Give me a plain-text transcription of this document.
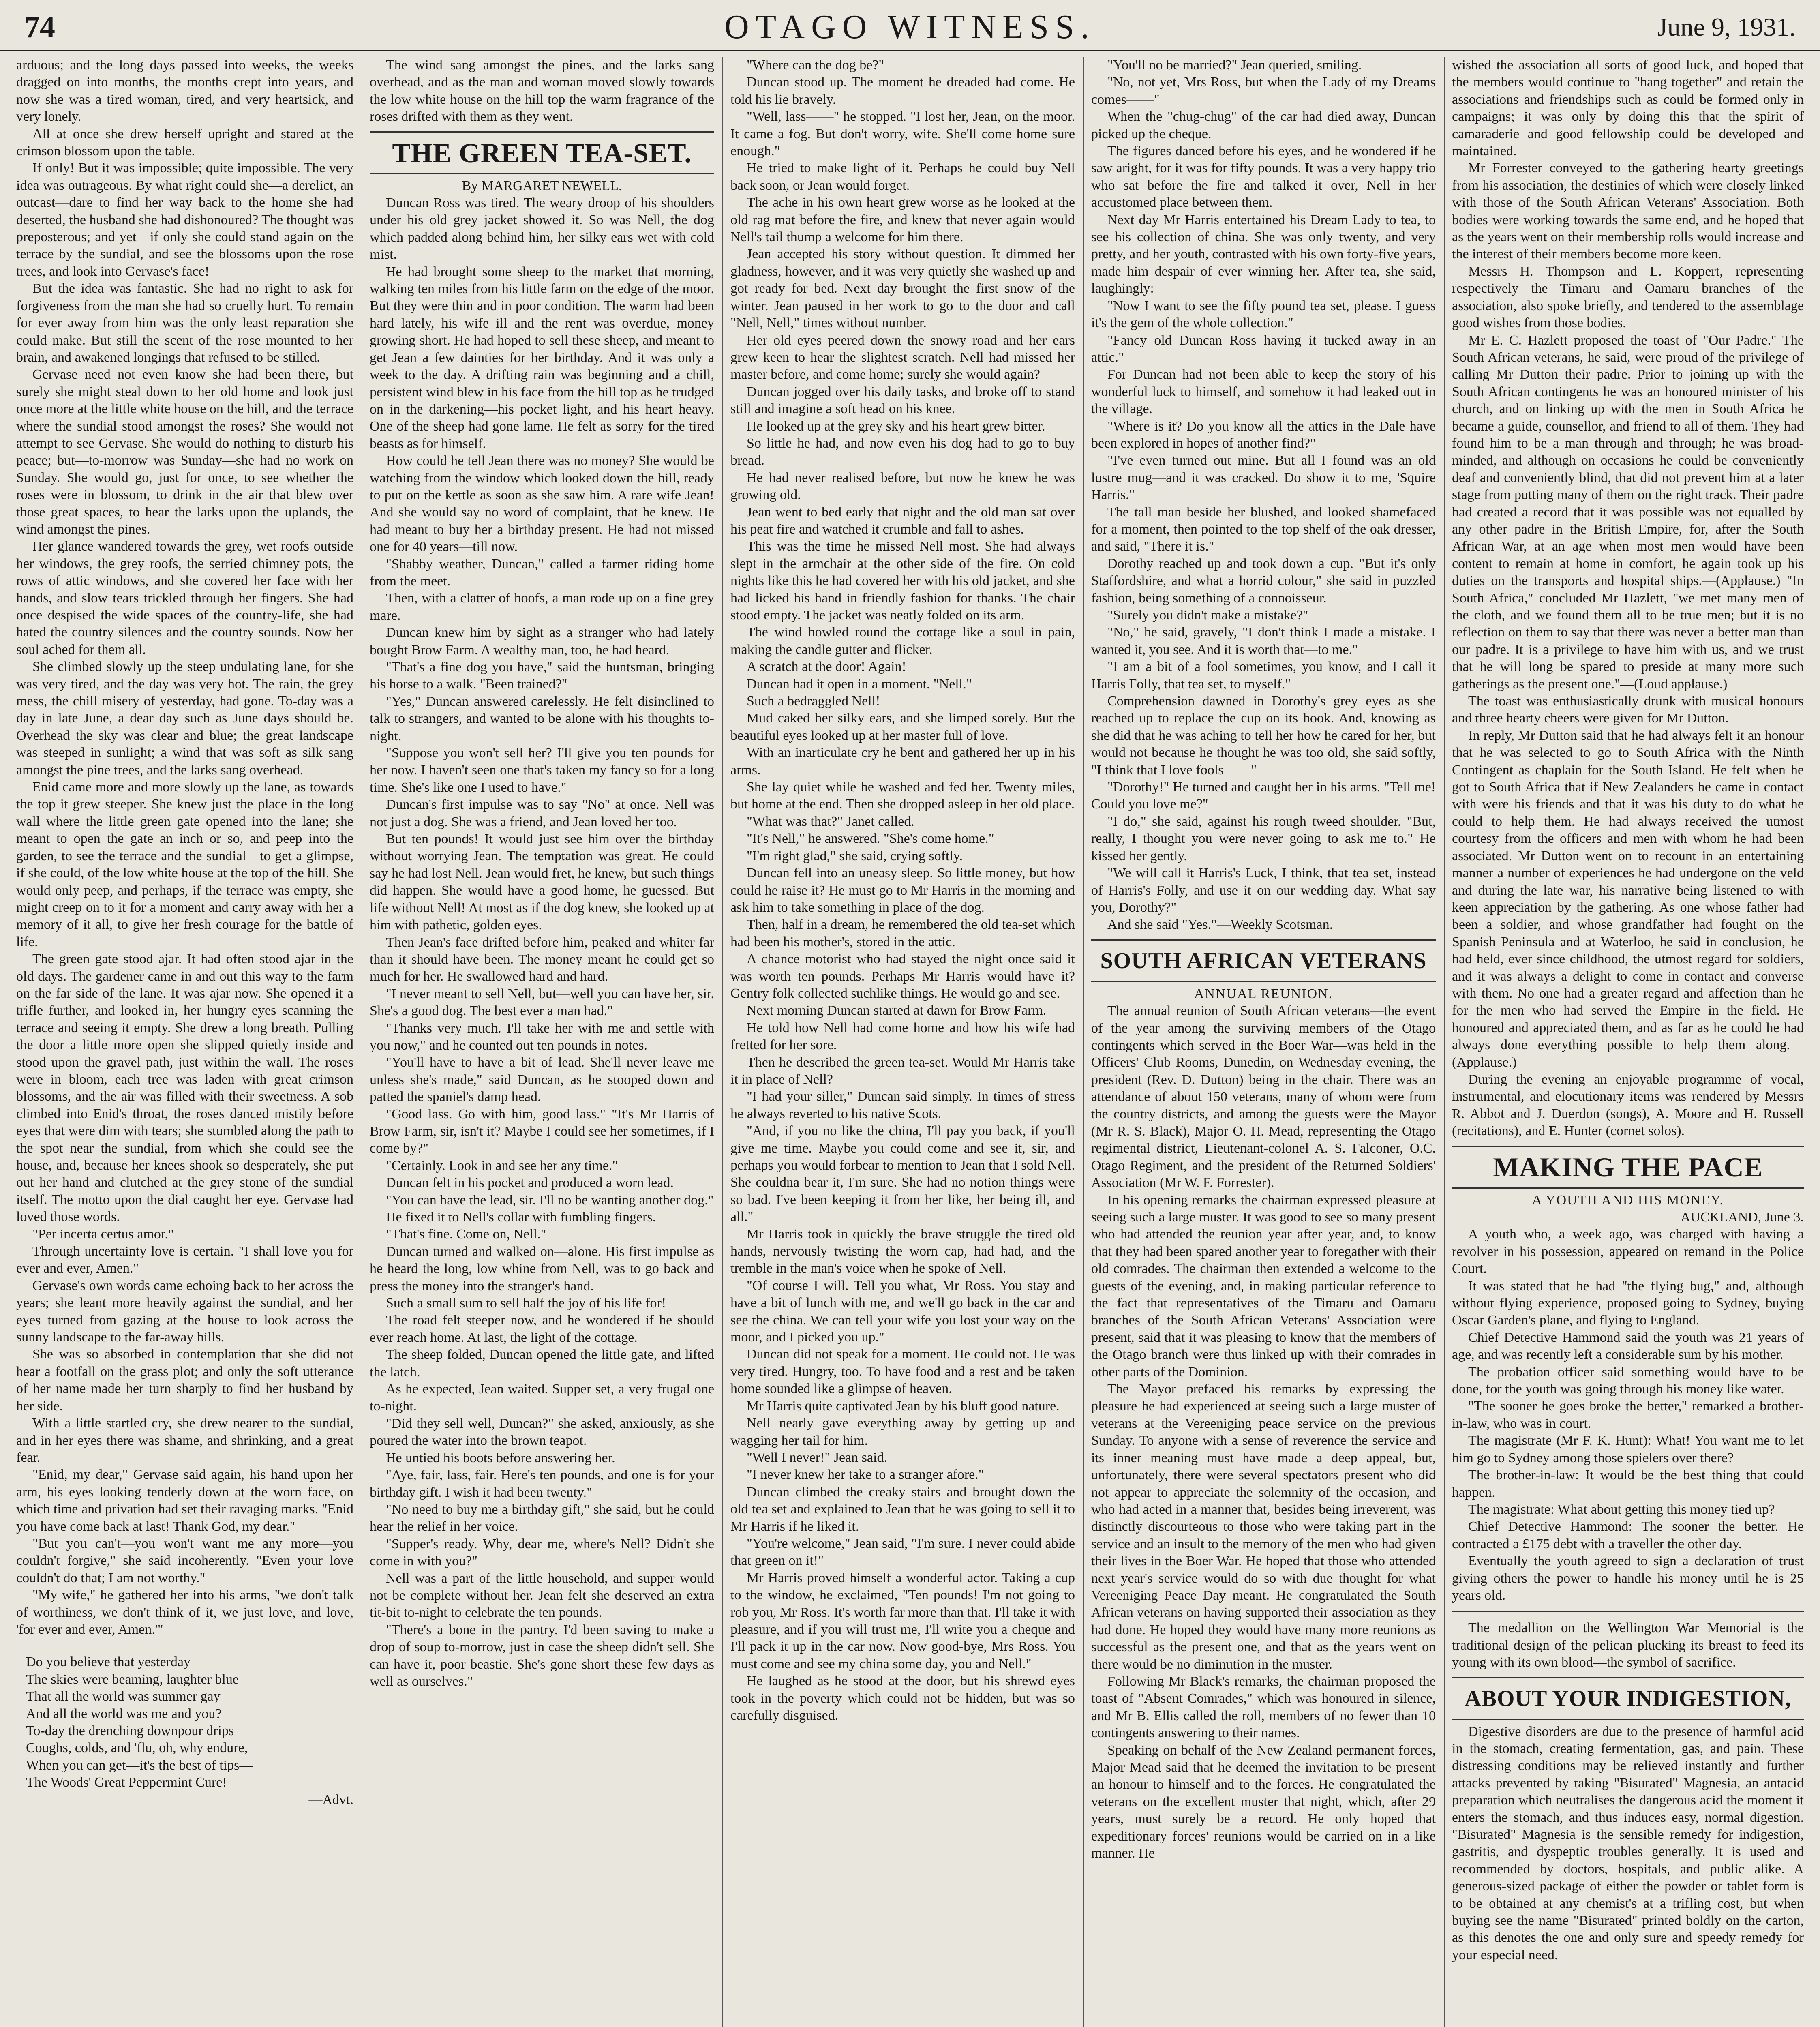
74	OTAGO WITNESS.	June 9, 1931.

arduous; and the long days passed into weeks, the weeks dragged on into months, the months crept into years, and now she was a tired woman, tired, and very heartsick, and very lonely.

All at once she drew herself upright and stared at the crimson blossom upon the table.

If only! But it was impossible; quite impossible. The very idea was outrageous. By what right could she—a derelict, an outcast—dare to find her way back to the home she had deserted, the husband she had dishonoured? The thought was preposterous; and yet—if only she could stand again on the terrace by the sundial, and see the blossoms upon the rose trees, and look into Gervase's face!

But the idea was fantastic. She had no right to ask for forgiveness from the man she had so cruelly hurt. To remain for ever away from him was the only least reparation she could make. But still the scent of the rose mounted to her brain, and awakened longings that refused to be stilled.

Gervase need not even know she had been there, but surely she might steal down to her old home and look just once more at the little white house on the hill, and the terrace where the sundial stood amongst the roses? She would not attempt to see Gervase. She would do nothing to disturb his peace; but—to-morrow was Sunday—she had no work on Sunday. She would go, just for once, to see whether the roses were in blossom, to drink in the air that blew over those great spaces, to hear the larks upon the uplands, the wind amongst the pines.

Her glance wandered towards the grey, wet roofs outside her windows, the grey roofs, the serried chimney pots, the rows of attic windows, and she covered her face with her hands, and slow tears trickled through her fingers. She had once despised the wide spaces of the country-life, she had hated the country silences and the country sounds. Now her soul ached for them all.

She climbed slowly up the steep undulating lane, for she was very tired, and the day was very hot. The rain, the grey mess, the chill misery of yesterday, had gone. To-day was a day in late June, a dear day such as June days should be. Overhead the sky was clear and blue; the great landscape was steeped in sunlight; a wind that was soft as silk sang amongst the pine trees, and the larks sang overhead.

Enid came more and more slowly up the lane, as towards the top it grew steeper. She knew just the place in the long wall where the little green gate opened into the lane; she meant to open the gate an inch or so, and peep into the garden, to see the terrace and the sundial—to get a glimpse, if she could, of the low white house at the top of the hill. She would only peep, and perhaps, if the terrace was empty, she might creep on to it for a moment and carry away with her a memory of it all, to give her fresh courage for the battle of life.

The green gate stood ajar. It had often stood ajar in the old days. The gardener came in and out this way to the farm on the far side of the lane. It was ajar now. She opened it a trifle further, and looked in, her hungry eyes scanning the terrace and seeing it empty. She drew a long breath. Pulling the door a little more open she slipped quietly inside and stood upon the gravel path, just within the wall. The roses were in bloom, each tree was laden with great crimson blossoms, and the air was filled with their sweetness. A sob climbed into Enid's throat, the roses danced mistily before eyes that were dim with tears; she stumbled along the path to the spot near the sundial, from which she could see the house, and, because her knees shook so desperately, she put out her hand and clutched at the grey stone of the sundial itself. The motto upon the dial caught her eye. Gervase had loved those words.

"Per incerta certus amor."

Through uncertainty love is certain. "I shall love you for ever and ever, Amen."

Gervase's own words came echoing back to her across the years; she leant more heavily against the sundial, and her eyes turned from gazing at the house to look across the sunny landscape to the far-away hills.

She was so absorbed in contemplation that she did not hear a footfall on the grass plot; and only the soft utterance of her name made her turn sharply to find her husband by her side.

With a little startled cry, she drew nearer to the sundial, and in her eyes there was shame, and shrinking, and a great fear.

"Enid, my dear," Gervase said again, his hand upon her arm, his eyes looking tenderly down at the worn face, on which time and privation had set their ravaging marks. "Enid you have come back at last! Thank God, my dear."

"But you can't—you won't want me any more—you couldn't forgive," she said incoherently. "Even your love couldn't do that; I am not worthy."

"My wife," he gathered her into his arms, "we don't talk of worthiness, we don't think of it, we just love, and love, 'for ever and ever, Amen.'"

Do you believe that yesterday

The skies were beaming, laughter blue

That all the world was summer gay

And all the world was me and you?

To-day the drenching downpour drips

Coughs, colds, and 'flu, oh, why endure,

When you can get—it's the best of tips—

The Woods' Great Peppermint Cure!

—Advt.

The wind sang amongst the pines, and the larks sang overhead, and as the man and woman moved slowly towards the low white house on the hill top the warm fragrance of the roses drifted with them as they went.

THE GREEN TEA-SET.

By MARGARET NEWELL.

Duncan Ross was tired. The weary droop of his shoulders under his old grey jacket showed it. So was Nell, the dog which padded along behind him, her silky ears wet with cold mist.

He had brought some sheep to the market that morning, walking ten miles from his little farm on the edge of the moor. But they were thin and in poor condition. The warm had been hard lately, his wife ill and the rent was overdue, money growing short. He had hoped to sell these sheep, and meant to get Jean a few dainties for her birthday. And it was only a week to the day. A drifting rain was beginning and a chill, persistent wind blew in his face from the hill top as he trudged on in the darkening—his pocket light, and his heart heavy. One of the sheep had gone lame. He felt as sorry for the tired beasts as for himself.

How could he tell Jean there was no money? She would be watching from the window which looked down the hill, ready to put on the kettle as soon as she saw him. A rare wife Jean! And she would say no word of complaint, that he knew. He had meant to buy her a birthday present. He had not missed one for 40 years—till now.

"Shabby weather, Duncan," called a farmer riding home from the meet.

Then, with a clatter of hoofs, a man rode up on a fine grey mare.

Duncan knew him by sight as a stranger who had lately bought Brow Farm. A wealthy man, too, he had heard.

"That's a fine dog you have," said the huntsman, bringing his horse to a walk. "Been trained?"

"Yes," Duncan answered carelessly. He felt disinclined to talk to strangers, and wanted to be alone with his thoughts to-night.

"Suppose you won't sell her? I'll give you ten pounds for her now. I haven't seen one that's taken my fancy so for a long time. She's like one I used to have."

Duncan's first impulse was to say "No" at once. Nell was not just a dog. She was a friend, and Jean loved her too.

But ten pounds! It would just see him over the birthday without worrying Jean. The temptation was great. He could say he had lost Nell. Jean would fret, he knew, but such things did happen. She would have a good home, he guessed. But life without Nell! At most as if the dog knew, she looked up at him with pathetic, golden eyes.

Then Jean's face drifted before him, peaked and whiter far than it should have been. The money meant he could get so much for her. He swallowed hard and hard.

"I never meant to sell Nell, but—well you can have her, sir. She's a good dog. The best ever a man had."

"Thanks very much. I'll take her with me and settle with you now," and he counted out ten pounds in notes.

"You'll have to have a bit of lead. She'll never leave me unless she's made," said Duncan, as he stooped down and patted the spaniel's damp head.

"Good lass. Go with him, good lass." "It's Mr Harris of Brow Farm, sir, isn't it? Maybe I could see her sometimes, if I come by?"

"Certainly. Look in and see her any time."

Duncan felt in his pocket and produced a worn lead.

"You can have the lead, sir. I'll no be wanting another dog."

He fixed it to Nell's collar with fumbling fingers.

"That's fine. Come on, Nell."

Duncan turned and walked on—alone. His first impulse as he heard the long, low whine from Nell, was to go back and press the money into the stranger's hand.

Such a small sum to sell half the joy of his life for!

The road felt steeper now, and he wondered if he should ever reach home. At last, the light of the cottage.

The sheep folded, Duncan opened the little gate, and lifted the latch.

As he expected, Jean waited. Supper set, a very frugal one to-night.

"Did they sell well, Duncan?" she asked, anxiously, as she poured the water into the brown teapot.

He untied his boots before answering her.

"Aye, fair, lass, fair. Here's ten pounds, and one is for your birthday gift. I wish it had been twenty."

"No need to buy me a birthday gift," she said, but he could hear the relief in her voice.

"Supper's ready. Why, dear me, where's Nell? Didn't she come in with you?"

Nell was a part of the little household, and supper would not be complete without her. Jean felt she deserved an extra tit-bit to-night to celebrate the ten pounds.

"There's a bone in the pantry. I'd been saving to make a drop of soup to-morrow, just in case the sheep didn't sell. She can have it, poor beastie. She's gone short these few days as well as ourselves."

"Where can the dog be?"

Duncan stood up. The moment he dreaded had come. He told his lie bravely.

"Well, lass——" he stopped. "I lost her, Jean, on the moor. It came a fog. But don't worry, wife. She'll come home sure enough."

He tried to make light of it. Perhaps he could buy Nell back soon, or Jean would forget.

The ache in his own heart grew worse as he looked at the old rag mat before the fire, and knew that never again would Nell's tail thump a welcome for him there.

Jean accepted his story without question. It dimmed her gladness, however, and it was very quietly she washed up and got ready for bed. Next day brought the first snow of the winter. Jean paused in her work to go to the door and call "Nell, Nell," times without number.

Her old eyes peered down the snowy road and her ears grew keen to hear the slightest scratch. Nell had missed her master before, and come home; surely she would again?

Duncan jogged over his daily tasks, and broke off to stand still and imagine a soft head on his knee.

He looked up at the grey sky and his heart grew bitter.

So little he had, and now even his dog had to go to buy bread.

He had never realised before, but now he knew he was growing old.

Jean went to bed early that night and the old man sat over his peat fire and watched it crumble and fall to ashes.

This was the time he missed Nell most. She had always slept in the armchair at the other side of the fire. On cold nights like this he had covered her with his old jacket, and she had licked his hand in friendly fashion for thanks. The chair stood empty. The jacket was neatly folded on its arm.

The wind howled round the cottage like a soul in pain, making the candle gutter and flicker.

A scratch at the door! Again!

Duncan had it open in a moment. "Nell."

Such a bedraggled Nell!

Mud caked her silky ears, and she limped sorely. But the beautiful eyes looked up at her master full of love.

With an inarticulate cry he bent and gathered her up in his arms.

She lay quiet while he washed and fed her. Twenty miles, but home at the end. Then she dropped asleep in her old place.

"What was that?" Janet called.

"It's Nell," he answered. "She's come home."

"I'm right glad," she said, crying softly.

Duncan fell into an uneasy sleep. So little money, but how could he raise it? He must go to Mr Harris in the morning and ask him to take something in place of the dog.

Then, half in a dream, he remembered the old tea-set which had been his mother's, stored in the attic.

A chance motorist who had stayed the night once said it was worth ten pounds. Perhaps Mr Harris would have it? Gentry folk collected suchlike things. He would go and see.

Next morning Duncan started at dawn for Brow Farm.

He told how Nell had come home and how his wife had fretted for her sore.

Then he described the green tea-set. Would Mr Harris take it in place of Nell?

"I had your siller," Duncan said simply. In times of stress he always reverted to his native Scots.

"And, if you no like the china, I'll pay you back, if you'll give me time. Maybe you could come and see it, sir, and perhaps you would forbear to mention to Jean that I sold Nell. She couldna bear it, I'm sure. She had no notion things were so bad. I've been keeping it from her like, her being ill, and all."

Mr Harris took in quickly the brave struggle the tired old hands, nervously twisting the worn cap, had had, and the tremble in the man's voice when he spoke of Nell.

"Of course I will. Tell you what, Mr Ross. You stay and have a bit of lunch with me, and we'll go back in the car and see the china. We can tell your wife you lost your way on the moor, and I picked you up."

Duncan did not speak for a moment. He could not. He was very tired. Hungry, too. To have food and a rest and be taken home sounded like a glimpse of heaven.

Mr Harris quite captivated Jean by his bluff good nature.

Nell nearly gave everything away by getting up and wagging her tail for him.

"Well I never!" Jean said.

"I never knew her take to a stranger afore."

Duncan climbed the creaky stairs and brought down the old tea set and explained to Jean that he was going to sell it to Mr Harris if he liked it.

"You're welcome," Jean said, "I'm sure. I never could abide that green on it!"

Mr Harris proved himself a wonderful actor. Taking a cup to the window, he exclaimed, "Ten pounds! I'm not going to rob you, Mr Ross. It's worth far more than that. I'll take it with pleasure, and if you will trust me, I'll write you a cheque and I'll pack it up in the car now. Now good-bye, Mrs Ross. You must come and see my china some day, you and Nell."

He laughed as he stood at the door, but his shrewd eyes took in the poverty which could not be hidden, but was so carefully disguised.

"You'll no be married?" Jean queried, smiling.

"No, not yet, Mrs Ross, but when the Lady of my Dreams comes——"

When the "chug-chug" of the car had died away, Duncan picked up the cheque.

The figures danced before his eyes, and he wondered if he saw aright, for it was for fifty pounds. It was a very happy trio who sat before the fire and talked it over, Nell in her accustomed place between them.

Next day Mr Harris entertained his Dream Lady to tea, to see his collection of china. She was only twenty, and very pretty, and her youth, contrasted with his own forty-five years, made him despair of ever winning her. After tea, she said, laughingly:

"Now I want to see the fifty pound tea set, please. I guess it's the gem of the whole collection."

"Fancy old Duncan Ross having it tucked away in an attic."

For Duncan had not been able to keep the story of his wonderful luck to himself, and somehow it had leaked out in the village.

"Where is it? Do you know all the attics in the Dale have been explored in hopes of another find?"

"I've even turned out mine. But all I found was an old lustre mug—and it was cracked. Do show it to me, 'Squire Harris."

The tall man beside her blushed, and looked shamefaced for a moment, then pointed to the top shelf of the oak dresser, and said, "There it is."

Dorothy reached up and took down a cup. "But it's only Staffordshire, and what a horrid colour," she said in puzzled fashion, being something of a connoisseur.

"Surely you didn't make a mistake?"

"No," he said, gravely, "I don't think I made a mistake. I wanted it, you see. And it is worth that—to me."

"I am a bit of a fool sometimes, you know, and I call it Harris Folly, that tea set, to myself."

Comprehension dawned in Dorothy's grey eyes as she reached up to replace the cup on its hook. And, knowing as she did that he was aching to tell her how he cared for her, but would not because he thought he was too old, she said softly, "I think that I love fools——"

"Dorothy!" He turned and caught her in his arms. "Tell me! Could you love me?"

"I do," she said, against his rough tweed shoulder. "But, really, I thought you were never going to ask me to." He kissed her gently.

"We will call it Harris's Luck, I think, that tea set, instead of Harris's Folly, and use it on our wedding day. What say you, Dorothy?"

And she said "Yes."—Weekly Scotsman.

SOUTH AFRICAN VETERANS

ANNUAL REUNION.

The annual reunion of South African veterans—the event of the year among the surviving members of the Otago contingents which served in the Boer War—was held in the Officers' Club Rooms, Dunedin, on Wednesday evening, the president (Rev. D. Dutton) being in the chair. There was an attendance of about 150 veterans, many of whom were from the country districts, and among the guests were the Mayor (Mr R. S. Black), Major O. H. Mead, representing the Otago regimental district, Lieutenant-colonel A. S. Falconer, O.C. Otago Regiment, and the president of the Returned Soldiers' Association (Mr W. F. Forrester).

In his opening remarks the chairman expressed pleasure at seeing such a large muster. It was good to see so many present who had attended the reunion year after year, and, to know that they had been spared another year to foregather with their old comrades. The chairman then extended a welcome to the guests of the evening, and, in making particular reference to the fact that representatives of the Timaru and Oamaru branches of the South African Veterans' Association were present, said that it was pleasing to know that the members of the Otago branch were thus linked up with their comrades in other parts of the Dominion.

The Mayor prefaced his remarks by expressing the pleasure he had experienced at seeing such a large muster of veterans at the Vereeniging peace service on the previous Sunday. To anyone with a sense of reverence the service and its inner meaning must have made a deep appeal, but, unfortunately, there were several spectators present who did not appear to appreciate the solemnity of the occasion, and who had acted in a manner that, besides being irreverent, was distinctly discourteous to those who were taking part in the service and an insult to the memory of the men who had given their lives in the Boer War. He hoped that those who attended next year's service would do so with due thought for what Vereeniging Peace Day meant. He congratulated the South African veterans on having supported their association as they had done. He hoped they would have many more reunions as successful as the present one, and that as the years went on there would be no diminution in the muster.

Following Mr Black's remarks, the chairman proposed the toast of "Absent Comrades," which was honoured in silence, and Mr B. Ellis called the roll, members of no fewer than 10 contingents answering to their names.

Speaking on behalf of the New Zealand permanent forces, Major Mead said that he deemed the invitation to be present an honour to himself and to the forces. He congratulated the veterans on the excellent muster that night, which, after 29 years, must surely be a record. He only hoped that expeditionary forces' reunions would be carried on in a like manner. He

wished the association all sorts of good luck, and hoped that the members would continue to "hang together" and retain the associations and friendships such as could be formed only in campaigns; it was only by doing this that the spirit of camaraderie and good fellowship could be developed and maintained.

Mr Forrester conveyed to the gathering hearty greetings from his association, the destinies of which were closely linked with those of the South African Veterans' Association. Both bodies were working towards the same end, and he hoped that as the years went on their membership rolls would increase and the interest of their members become more keen.

Messrs H. Thompson and L. Koppert, representing respectively the Timaru and Oamaru branches of the association, also spoke briefly, and tendered to the assemblage good wishes from those bodies.

Mr E. C. Hazlett proposed the toast of "Our Padre." The South African veterans, he said, were proud of the privilege of calling Mr Dutton their padre. Prior to joining up with the South African contingents he was an honoured minister of his church, and on linking up with the men in South Africa he became a guide, counsellor, and friend to all of them. They had found him to be a man through and through; he was broad-minded, and although on occasions he could be conveniently deaf and conveniently blind, that did not prevent him at a later stage from putting many of them on the right track. Their padre had created a record that it was possible was not equalled by any other padre in the British Empire, for, after the South African War, at an age when most men would have been content to remain at home in comfort, he again took up his duties on the transports and hospital ships.—(Applause.) "In South Africa," concluded Mr Hazlett, "we met many men of the cloth, and we found them all to be true men; but it is no reflection on them to say that there was never a better man than our padre. It is a privilege to have him with us, and we trust that he will long be spared to preside at many more such gatherings as the present one."—(Loud applause.)

The toast was enthusiastically drunk with musical honours and three hearty cheers were given for Mr Dutton.

In reply, Mr Dutton said that he had always felt it an honour that he was selected to go to South Africa with the Ninth Contingent as chaplain for the South Island. He felt when he got to South Africa that if New Zealanders he came in contact with were his friends and that it was his duty to do what he could to help them. He had always received the utmost courtesy from the officers and men with whom he had been associated. Mr Dutton went on to recount in an entertaining manner a number of experiences he had undergone on the veld and during the late war, his narrative being listened to with keen appreciation by the gathering. As one whose father had been a soldier, and whose grandfather had fought on the Spanish Peninsula and at Waterloo, he said in conclusion, he had held, ever since childhood, the utmost regard for soldiers, and it was always a delight to come in contact and converse with them. No one had a greater regard and affection than he for the men who had served the Empire in the field. He honoured and appreciated them, and as far as he could he had always done everything possible to help them along.—(Applause.)

During the evening an enjoyable programme of vocal, instrumental, and elocutionary items was rendered by Messrs R. Abbot and J. Duerdon (songs), A. Moore and H. Russell (recitations), and E. Hunter (cornet solos).

MAKING THE PACE

A YOUTH AND HIS MONEY.

AUCKLAND, June 3.

A youth who, a week ago, was charged with having a revolver in his possession, appeared on remand in the Police Court.

It was stated that he had "the flying bug," and, although without flying experience, proposed going to Sydney, buying Oscar Garden's plane, and flying to England.

Chief Detective Hammond said the youth was 21 years of age, and was recently left a considerable sum by his mother.

The probation officer said something would have to be done, for the youth was going through his money like water.

"The sooner he goes broke the better," remarked a brother-in-law, who was in court.

The magistrate (Mr F. K. Hunt): What! You want me to let him go to Sydney among those spielers over there?

The brother-in-law: It would be the best thing that could happen.

The magistrate: What about getting this money tied up?

Chief Detective Hammond: The sooner the better. He contracted a £175 debt with a traveller the other day.

Eventually the youth agreed to sign a declaration of trust giving others the power to handle his money until he is 25 years old.

The medallion on the Wellington War Memorial is the traditional design of the pelican plucking its breast to feed its young with its own blood—the symbol of sacrifice.

ABOUT YOUR INDIGESTION,

Digestive disorders are due to the presence of harmful acid in the stomach, creating fermentation, gas, and pain. These distressing conditions may be relieved instantly and further attacks prevented by taking "Bisurated" Magnesia, an antacid preparation which neutralises the dangerous acid the moment it enters the stomach, and thus induces easy, normal digestion. "Bisurated" Magnesia is the sensible remedy for indigestion, gastritis, and dyspeptic troubles generally. It is used and recommended by doctors, hospitals, and public alike. A generous-sized package of either the powder or tablet form is to be obtained at any chemist's at a trifling cost, but when buying see the name "Bisurated" printed boldly on the carton, as this denotes the one and only sure and speedy remedy for your especial need.
